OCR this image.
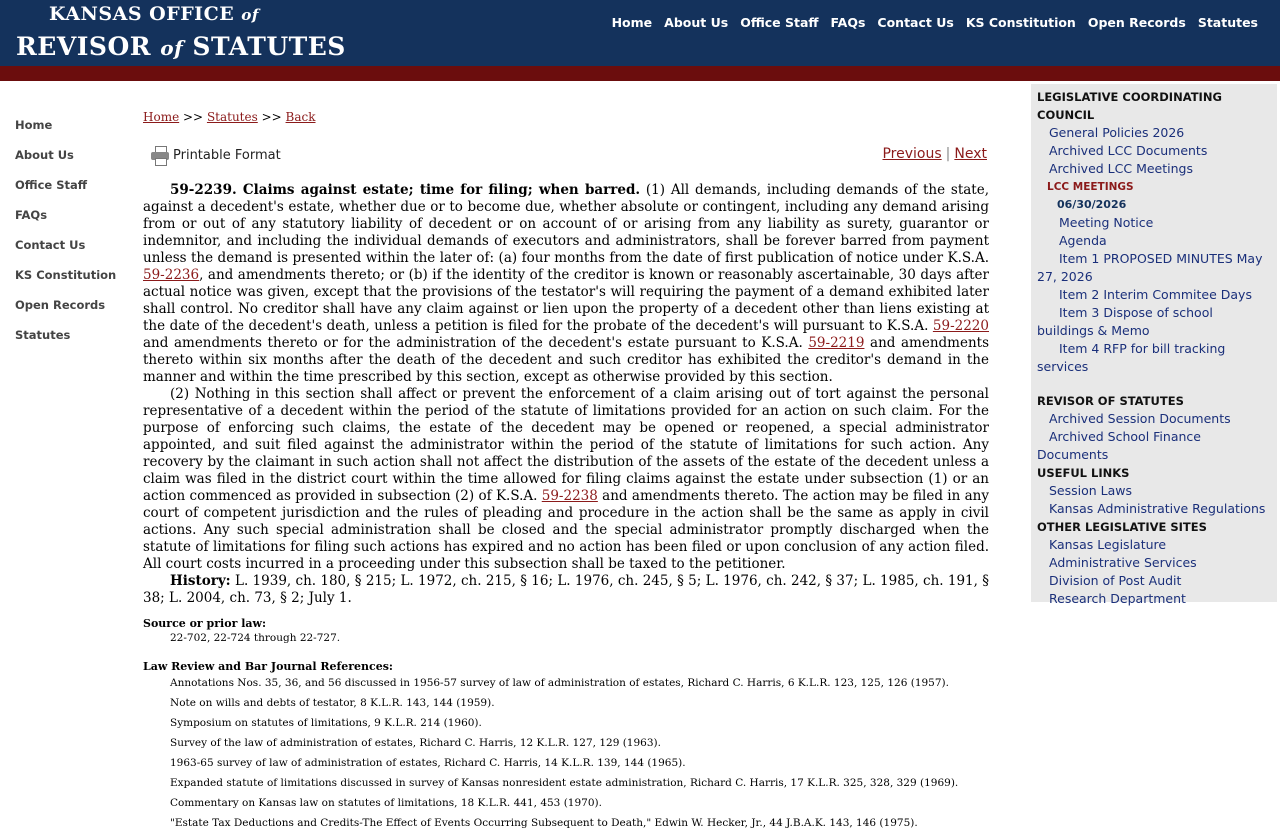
KANSAS OFFICE of
REVISOR of STATUTES
Home About Us Office Staff FAQs Contact Us KS Constitution Open Records Statutes
Home
About Us
Office Staff
FAQs
Contact Us
KS Constitution
Open Records
Statutes
Home >> Statutes >> Back
Printable Format	Previous | Next

59-2239. Claims against estate; time for filing; when barred. (1) All demands, including demands of the state, against a decedent's estate, whether due or to become due, whether absolute or contingent, including any demand arising from or out of any statutory liability of decedent or on account of or arising from any liability as surety, guarantor or indemnitor, and including the individual demands of executors and administrators, shall be forever barred from payment unless the demand is presented within the later of: (a) four months from the date of first publication of notice under K.S.A. 59-2236, and amendments thereto; or (b) if the identity of the creditor is known or reasonably ascertainable, 30 days after actual notice was given, except that the provisions of the testator's will requiring the payment of a demand exhibited later shall control. No creditor shall have any claim against or lien upon the property of a decedent other than liens existing at the date of the decedent's death, unless a petition is filed for the probate of the decedent's will pursuant to K.S.A. 59-2220 and amendments thereto or for the administration of the decedent's estate pursuant to K.S.A. 59-2219 and amendments thereto within six months after the death of the decedent and such creditor has exhibited the creditor's demand in the manner and within the time prescribed by this section, except as otherwise provided by this section.

(2) Nothing in this section shall affect or prevent the enforcement of a claim arising out of tort against the personal representative of a decedent within the period of the statute of limitations provided for an action on such claim. For the purpose of enforcing such claims, the estate of the decedent may be opened or reopened, a special administrator appointed, and suit filed against the administrator within the period of the statute of limitations for such action. Any recovery by the claimant in such action shall not affect the distribution of the assets of the estate of the decedent unless a claim was filed in the district court within the time allowed for filing claims against the estate under subsection (1) or an action commenced as provided in subsection (2) of K.S.A. 59-2238 and amendments thereto. The action may be filed in any court of competent jurisdiction and the rules of pleading and procedure in the action shall be the same as apply in civil actions. Any such special administration shall be closed and the special administrator promptly discharged when the statute of limitations for filing such actions has expired and no action has been filed or upon conclusion of any action filed. All court costs incurred in a proceeding under this subsection shall be taxed to the petitioner.

History: L. 1939, ch. 180, § 215; L. 1972, ch. 215, § 16; L. 1976, ch. 245, § 5; L. 1976, ch. 242, § 37; L. 1985, ch. 191, § 38; L. 2004, ch. 73, § 2; July 1.

Source or prior law:
22-702, 22-724 through 22-727.
Law Review and Bar Journal References:
Annotations Nos. 35, 36, and 56 discussed in 1956-57 survey of law of administration of estates, Richard C. Harris, 6 K.L.R. 123, 125, 126 (1957).
Note on wills and debts of testator, 8 K.L.R. 143, 144 (1959).
Symposium on statutes of limitations, 9 K.L.R. 214 (1960).
Survey of the law of administration of estates, Richard C. Harris, 12 K.L.R. 127, 129 (1963).
1963-65 survey of law of administration of estates, Richard C. Harris, 14 K.L.R. 139, 144 (1965).
Expanded statute of limitations discussed in survey of Kansas nonresident estate administration, Richard C. Harris, 17 K.L.R. 325, 328, 329 (1969).
Commentary on Kansas law on statutes of limitations, 18 K.L.R. 441, 453 (1970).
"Estate Tax Deductions and Credits-The Effect of Events Occurring Subsequent to Death," Edwin W. Hecker, Jr., 44 J.B.A.K. 143, 146 (1975).
LEGISLATIVE COORDINATING COUNCIL
General Policies 2026
Archived LCC Documents
Archived LCC Meetings
LCC MEETINGS
06/30/2026
Meeting Notice
Agenda
Item 1 PROPOSED MINUTES May 27, 2026
Item 2 Interim Commitee Days
Item 3 Dispose of school buildings & Memo
Item 4 RFP for bill tracking services
REVISOR OF STATUTES
Archived Session Documents
Archived School Finance Documents
USEFUL LINKS
Session Laws
Kansas Administrative Regulations
OTHER LEGISLATIVE SITES
Kansas Legislature
Administrative Services
Division of Post Audit
Research Department
